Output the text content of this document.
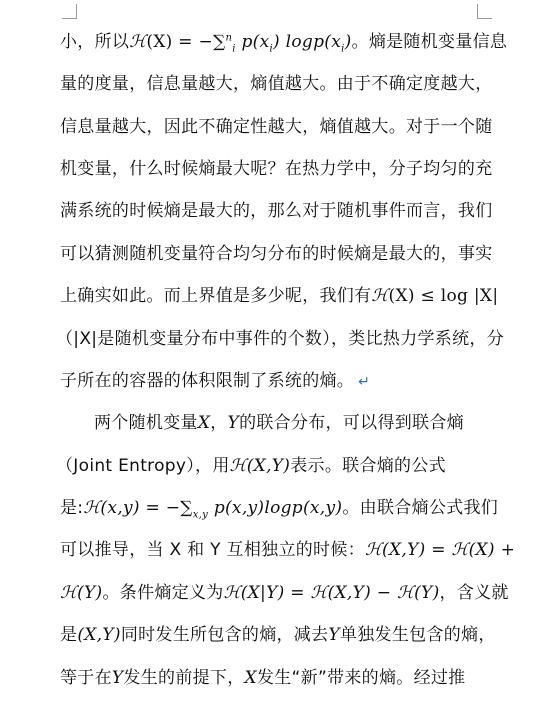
小，所以ℋ(X) = −∑$^n_i$ $p(x_i)$ $\log p(x_i)$。熵是随机变量信息
量的度量，信息量越大，熵值越大。由于不确定度越大，
信息量越大，因此不确定性越大，熵值越大。对于一个随
机变量，什么时候熵最大呢？在热力学中，分子均匀的充
满系统的时候熵是最大的，那么对于随机事件而言，我们
可以猜测随机变量符合均匀分布的时候熵是最大的，事实
上确实如此。而上界值是多少呢，我们有ℋ(X) ≤ log |X|
（|X|是随机变量分布中事件的个数），类比热力学系统，分
子所在的容器的体积限制了系统的熵。 ↵
两个随机变量X，Y的联合分布，可以得到联合熵
（Joint Entropy），用ℋ(X,Y)表示。联合熵的公式
是:ℋ(x,y) = $-\sum_{x,y}$ p(x,y)logp(x,y)。由联合熵公式我们
可以推导，当 X 和 Y 互相独立的时候：ℋ(X,Y) = ℋ(X) +
ℋ(Y)。条件熵定义为ℋ(X|Y) = ℋ(X,Y) − ℋ(Y)，含义就
是(X,Y)同时发生所包含的熵，减去Y单独发生包含的熵，
等于在Y发生的前提下，X发生“新”带来的熵。经过推
